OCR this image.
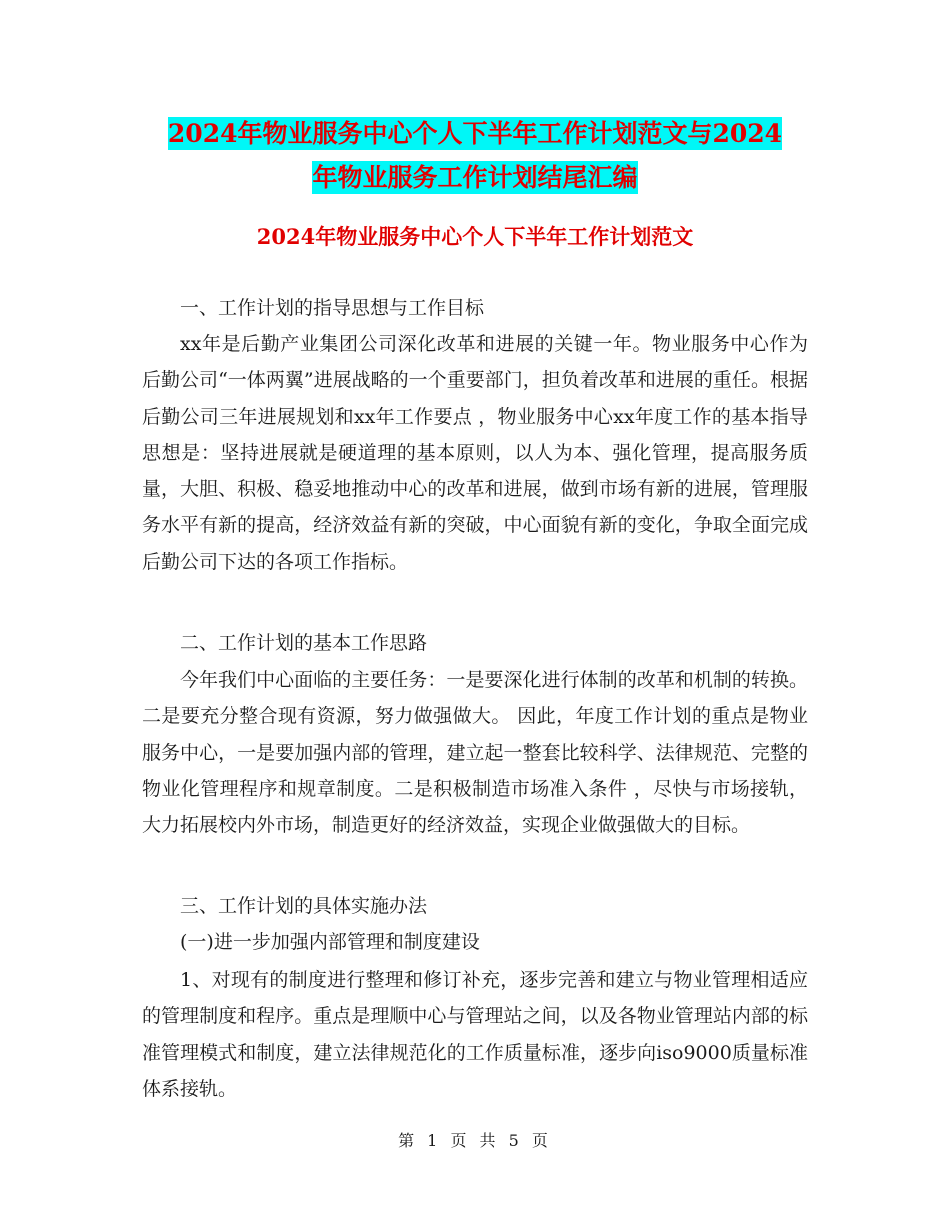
2024年物业服务中心个人下半年工作计划范文与2024
年物业服务工作计划结尾汇编
2024年物业服务中心个人下半年工作计划范文

一、工作计划的指导思想与工作目标

xx年是后勤产业集团公司深化改革和进展的关键一年。物业服务中心作为后勤公司“一体两翼”进展战略的一个重要部门，担负着改革和进展的重任。根据后勤公司三年进展规划和xx年工作要点 ，物业服务中心xx年度工作的基本指导思想是：坚持进展就是硬道理的基本原则，以人为本、强化管理，提高服务质量，大胆、积极、稳妥地推动中心的改革和进展，做到市场有新的进展，管理服务水平有新的提高，经济效益有新的突破，中心面貌有新的变化，争取全面完成后勤公司下达的各项工作指标。

二、工作计划的基本工作思路

今年我们中心面临的主要任务：一是要深化进行体制的改革和机制的转换。二是要充分整合现有资源，努力做强做大。 因此，年度工作计划的重点是物业服务中心，一是要加强内部的管理，建立起一整套比较科学、法律规范、完整的物业化管理程序和规章制度。二是积极制造市场准入条件 ，尽快与市场接轨，大力拓展校内外市场，制造更好的经济效益，实现企业做强做大的目标。

三、工作计划的具体实施办法

(一)进一步加强内部管理和制度建设

1、对现有的制度进行整理和修订补充，逐步完善和建立与物业管理相适应的管理制度和程序。重点是理顺中心与管理站之间，以及各物业管理站内部的标准管理模式和制度，建立法律规范化的工作质量标准，逐步向iso9000质量标准体系接轨。

第 1 页 共 5 页
